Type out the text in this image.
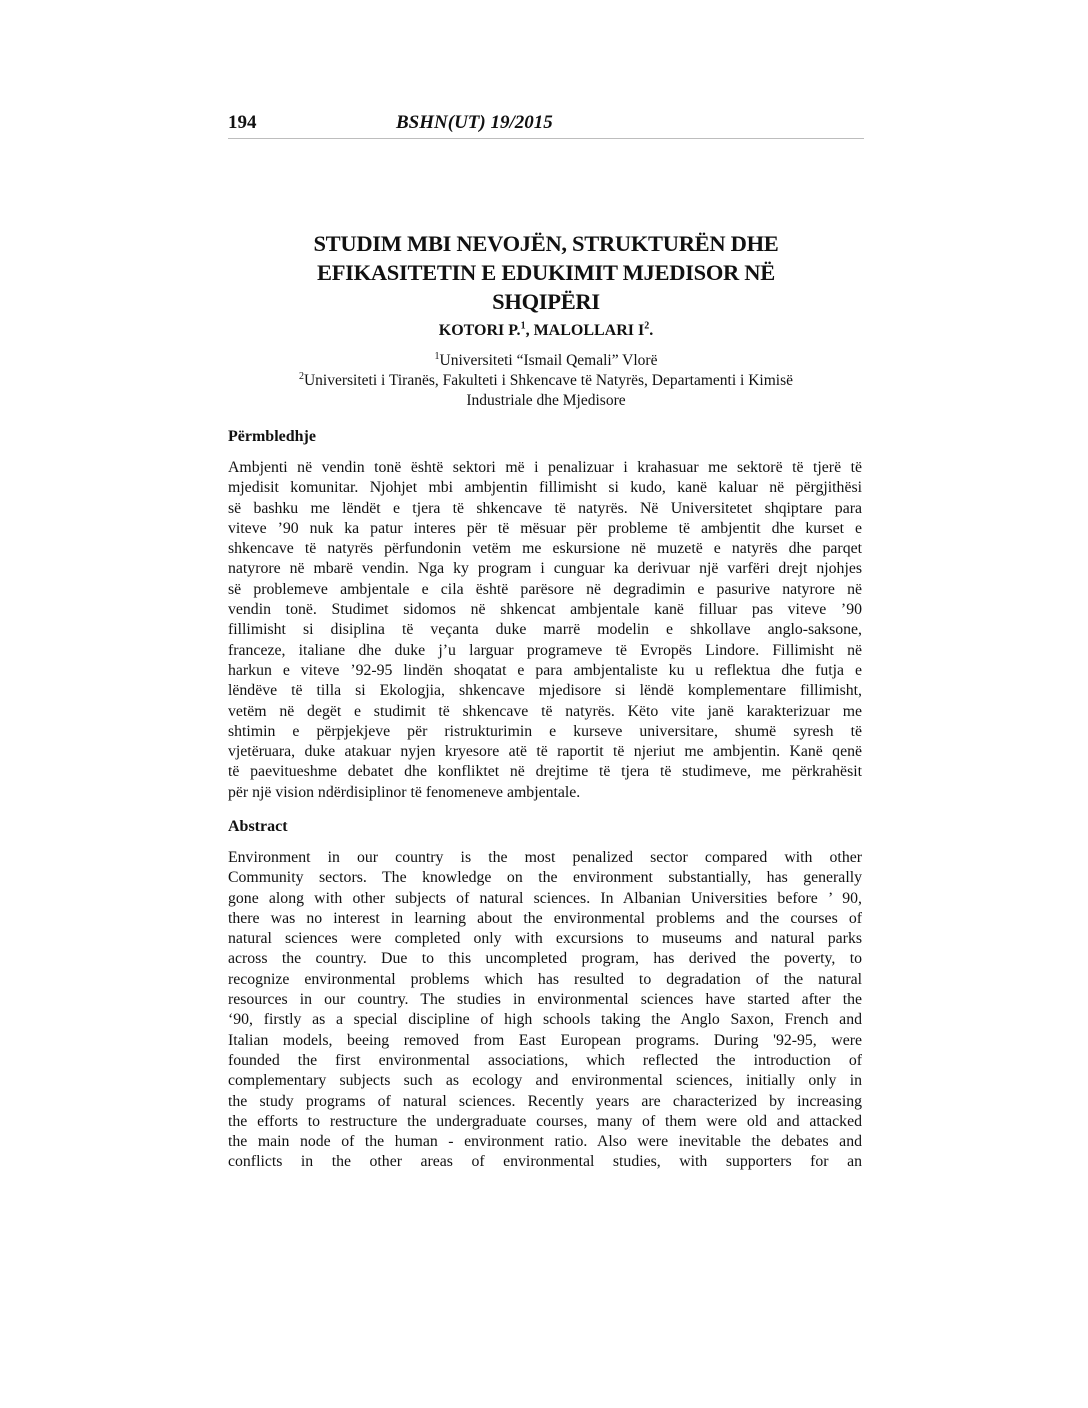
194	BSHN(UT) 19/2015
STUDIM MBI NEVOJËN, STRUKTURËN DHE
EFIKASITETIN E EDUKIMIT MJEDISOR NË
SHQIPËRI
KOTORI P.$^1$, MALOLLARI $I^2$.
$^1$Universiteti “Ismail Qemali” Vlorë
$^2$Universiteti i Tiranës, Fakulteti i Shkencave të Natyrës, Departamenti i Kimisë
Industriale dhe Mjedisore
Përmbledhje
Ambjenti në vendin tonë është sektori më i penalizuar i krahasuar me sektorë të tjerë të
mjedisit komunitar. Njohjet mbi ambjentin fillimisht si kudo, kanë kaluar në përgjithësi
së bashku me lëndët e tjera të shkencave të natyrës. Në Universitetet shqiptare para
viteve ’90 nuk ka patur interes për të mësuar për probleme të ambjentit dhe kurset e
shkencave të natyrës përfundonin vetëm me eskursione në muzetë e natyrës dhe parqet
natyrore në mbarë vendin. Nga ky program i cunguar ka derivuar një varfëri drejt njohjes
së problemeve ambjentale e cila është parësore në degradimin e pasurive natyrore në
vendin tonë. Studimet sidomos në shkencat ambjentale kanë filluar pas viteve ’90
fillimisht si disiplina të veçanta duke marrë modelin e shkollave anglo-saksone,
franceze, italiane dhe duke j’u larguar programeve të Evropës Lindore. Fillimisht në
harkun e viteve ’92-95 lindën shoqatat e para ambjentaliste ku u reflektua dhe futja e
lëndëve të tilla si Ekologjia, shkencave mjedisore si lëndë komplementare fillimisht,
vetëm në degët e studimit të shkencave të natyrës. Këto vite janë karakterizuar me
shtimin e përpjekjeve për ristrukturimin e kurseve universitare, shumë syresh të
vjetëruara, duke atakuar nyjen kryesore atë të raportit të njeriut me ambjentin. Kanë qenë
të paevitueshme debatet dhe konfliktet në drejtime të tjera të studimeve, me përkrahësit
për një vision ndërdisiplinor të fenomeneve ambjentale.
Abstract
Environment in our country is the most penalized sector compared with other
Community sectors. The knowledge on the environment substantially, has generally
gone along with other subjects of natural sciences. In Albanian Universities before ’ 90,
there was no interest in learning about the environmental problems and the courses of
natural sciences were completed only with excursions to museums and natural parks
across the country. Due to this uncompleted program, has derived the poverty, to
recognize environmental problems which has resulted to degradation of the natural
resources in our country. The studies in environmental sciences have started after the
‘90, firstly as a special discipline of high schools taking the Anglo Saxon, French and
Italian models, beeing removed from East European programs. During '92-95, were
founded the first environmental associations, which reflected the introduction of
complementary subjects such as ecology and environmental sciences, initially only in
the study programs of natural sciences. Recently years are characterized by increasing
the efforts to restructure the undergraduate courses, many of them were old and attacked
the main node of the human - environment ratio. Also were inevitable the debates and
conflicts in the other areas of environmental studies, with supporters for an
